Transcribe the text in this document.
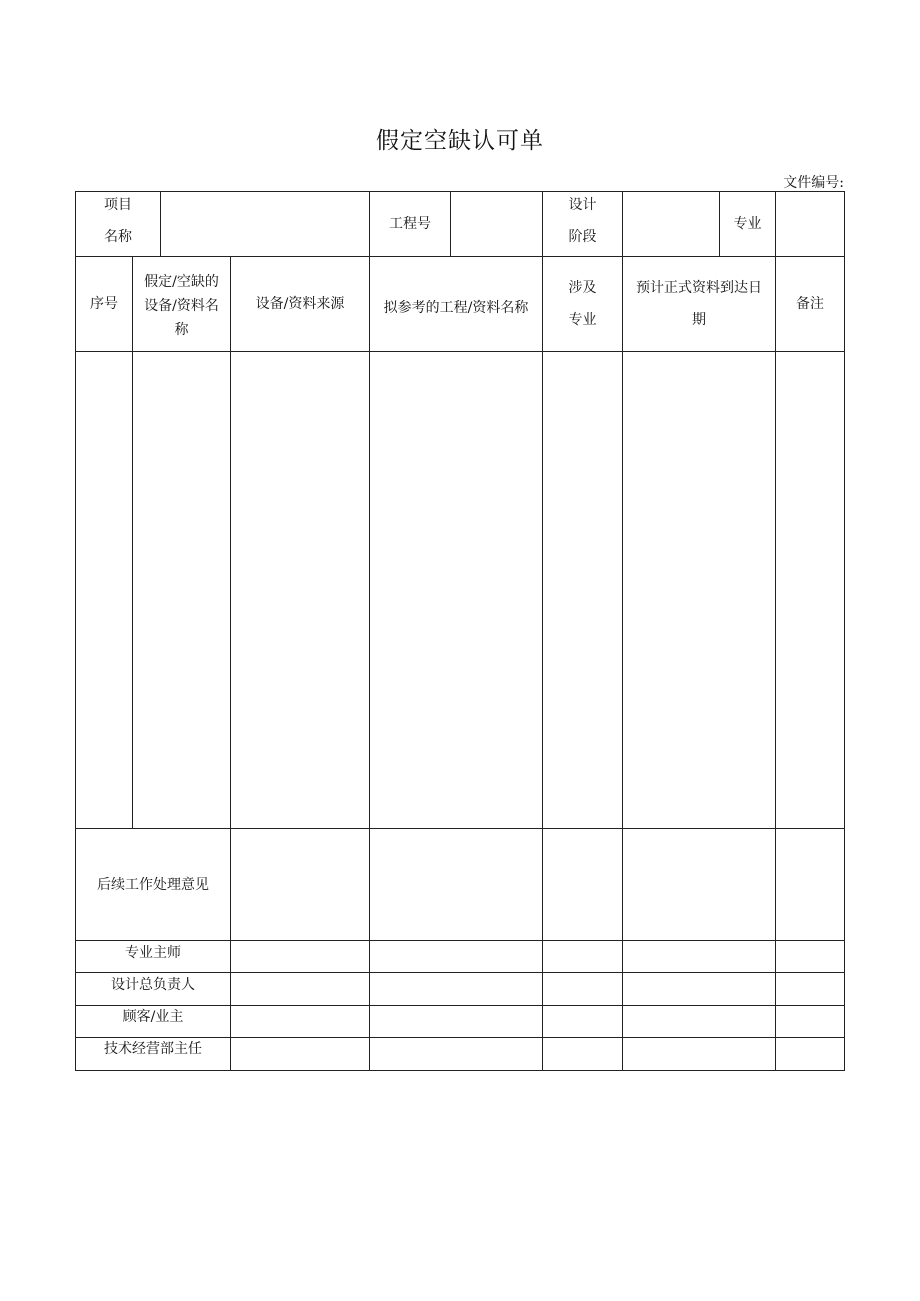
假定空缺认可单
文件编号:
项目
名称
工程号
设计
阶段
专业
序号
假定/空缺的
设备/资料名
称
设备/资料来源	拟参考的工程/资料名称
涉及
专业
预计正式资料到达日
期
备注
后续工作处理意见
专业主师
设计总负责人
顾客/业主
技术经营部主任
